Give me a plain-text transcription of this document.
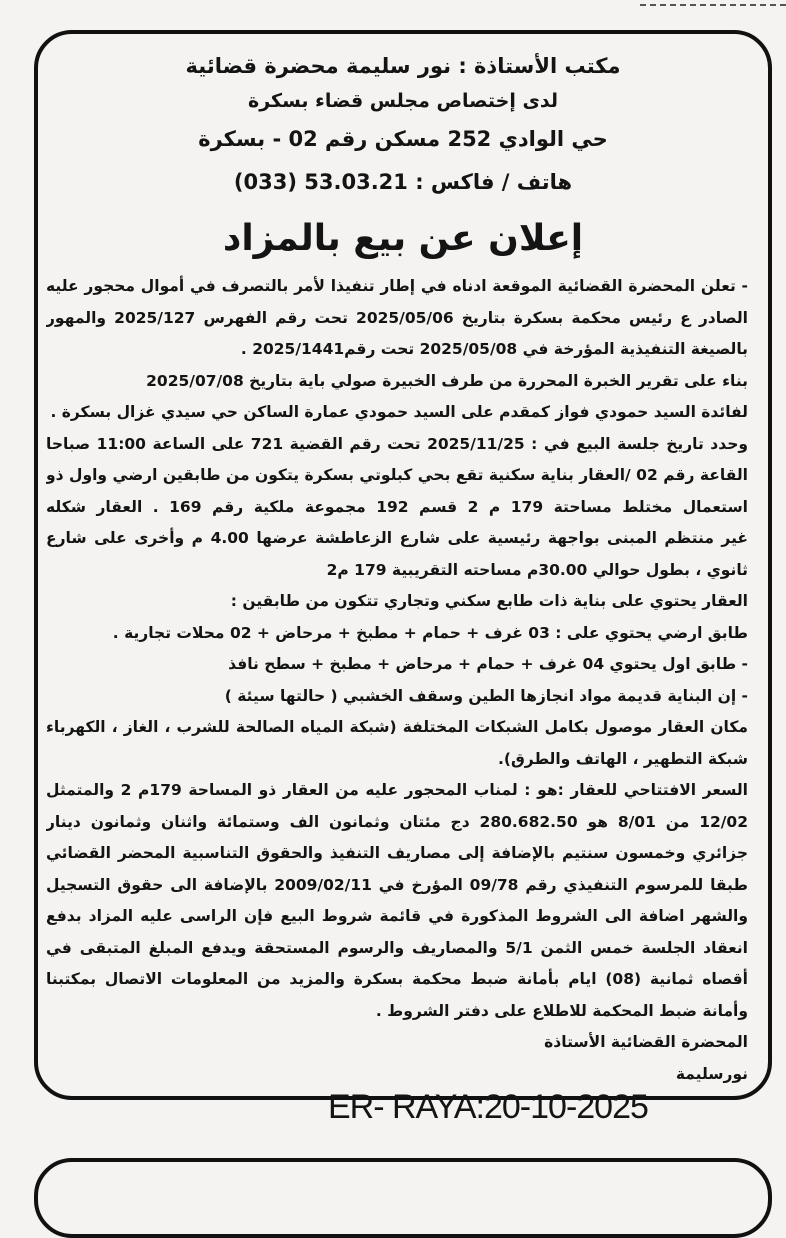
مكتب الأستاذة : نور سليمة محضرة قضائية
لدى إختصاص مجلس قضاء بسكرة
حي الوادي 252 مسكن رقم 02 - بسكرة
هاتف / فاكس : 53.03.21 (033)
إعلان عن بيع بالمزاد
- تعلن المحضرة القضائية الموقعة ادناه في إطار تنفيذا لأمر بالتصرف في أموال محجور عليه
الصادر ع رئيس محكمة بسكرة بتاريخ 2025/05/06 تحت رقم الفهرس 2025/127 والمهور
بالصيغة التنفيذية المؤرخة في 2025/05/08 تحت رقم2025/1441 .
بناء على تقرير الخبرة المحررة من طرف الخبيرة صولي باية بتاريخ 2025/07/08
لفائدة السيد حمودي فواز كمقدم على السيد حمودي عمارة الساكن حي سيدي غزال بسكرة .
وحدد تاريخ جلسة البيع في : 2025/11/25 تحت رقم القضية 721 على الساعة 11:00 صباحا
القاعة رقم 02 /العقار بناية سكنية تقع بحي كبلوتي بسكرة يتكون من طابقين ارضي واول ذو
استعمال مختلط مساحتة 179 م 2 قسم 192 مجموعة ملكية رقم 169 . العقار شكله
غير منتظم المبنى بواجهة رئيسية على شارع الزعاطشة عرضها 4.00 م وأخرى على شارع
ثانوي ، بطول حوالي 30.00م مساحته التقريبية 179 م2
العقار يحتوي على بناية ذات طابع سكني وتجاري تتكون من طابقين :
طابق ارضي يحتوي على : 03 غرف + حمام + مطبخ + مرحاض + 02 محلات تجارية .
- طابق اول يحتوي 04 غرف + حمام + مرحاض + مطبخ + سطح نافذ
- إن البناية قديمة مواد انجازها الطين وسقف الخشبي ( حالتها سيئة )
مكان العقار موصول بكامل الشبكات المختلفة (شبكة المياه الصالحة للشرب ، الغاز ، الكهرباء
شبكة التطهير ، الهاتف والطرق).
السعر الافتتاحي للعقار :هو : لمناب المحجور عليه من العقار ذو المساحة 179م 2 والمتمثل
12/02 من 8/01 هو 280.682.50 دج مئتان وثمانون الف وستمائة واثنان وثمانون دينار
جزائري وخمسون سنتيم بالإضافة إلى مصاريف التنفيذ والحقوق التناسبية المحضر القضائي
طبقا للمرسوم التنفيذي رقم 09/78 المؤرخ في 2009/02/11 بالإضافة الى حقوق التسجيل
والشهر اضافة الى الشروط المذكورة في قائمة شروط البيع فإن الراسى عليه المزاد بدفع
انعقاد الجلسة خمس الثمن 5/1 والمصاريف والرسوم المستحقة ويدفع المبلغ المتبقى في
أقصاه ثمانية (08) ايام بأمانة ضبط محكمة بسكرة والمزيد من المعلومات الاتصال بمكتبنا
وأمانة ضبط المحكمة للاطلاع على دفتر الشروط .
المحضرة القضائية الأستاذة
نورسليمة
ER- RAYA:20-10-2025
